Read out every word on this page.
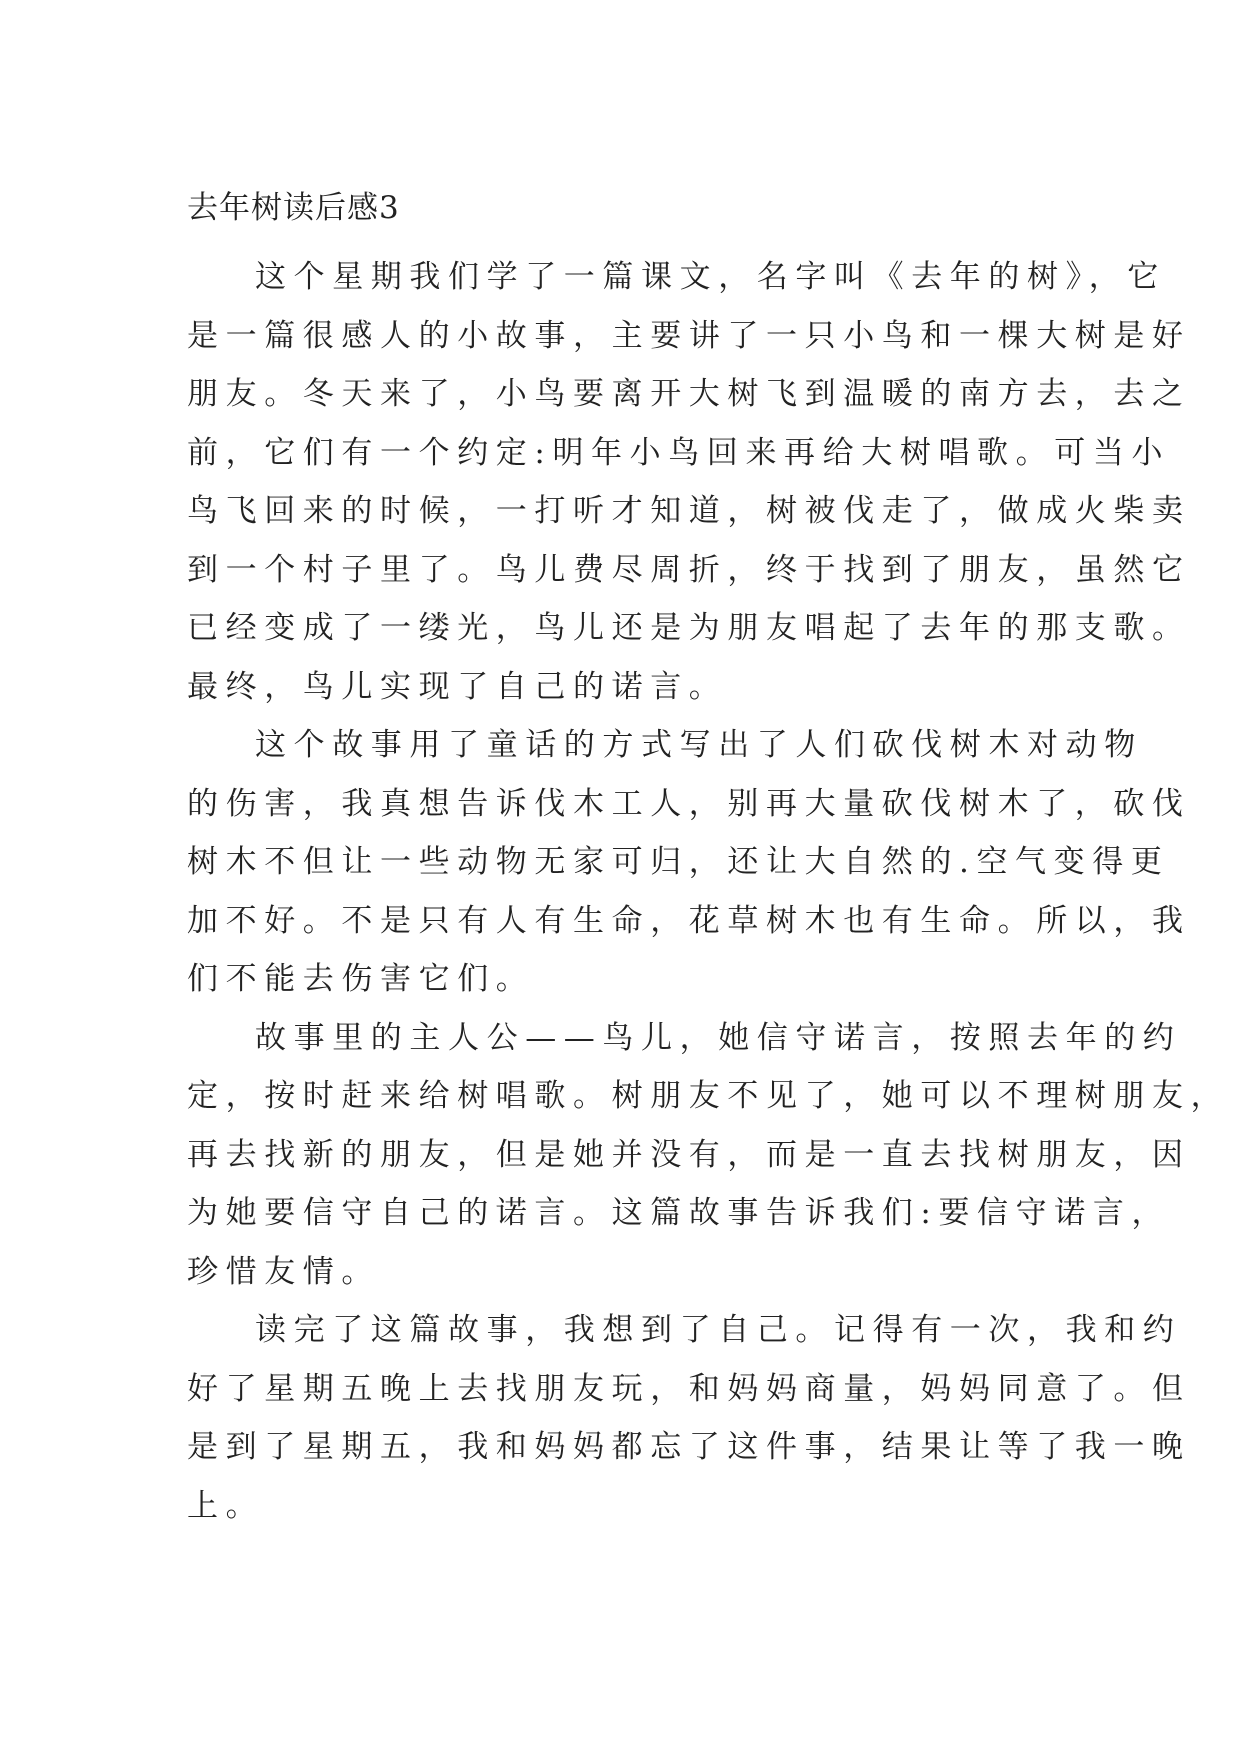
去年树读后感3
这个星期我们学了一篇课文，名字叫《去年的树》，它
是一篇很感人的小故事，主要讲了一只小鸟和一棵大树是好
朋友。冬天来了，小鸟要离开大树飞到温暖的南方去，去之
前，它们有一个约定:明年小鸟回来再给大树唱歌。可当小
鸟飞回来的时候，一打听才知道，树被伐走了，做成火柴卖
到一个村子里了。鸟儿费尽周折，终于找到了朋友，虽然它
已经变成了一缕光，鸟儿还是为朋友唱起了去年的那支歌。
最终，鸟儿实现了自己的诺言。
这个故事用了童话的方式写出了人们砍伐树木对动物
的伤害，我真想告诉伐木工人，别再大量砍伐树木了，砍伐
树木不但让一些动物无家可归，还让大自然的.空气变得更
加不好。不是只有人有生命，花草树木也有生命。所以，我
们不能去伤害它们。
故事里的主人公——鸟儿，她信守诺言，按照去年的约
定，按时赶来给树唱歌。树朋友不见了，她可以不理树朋友，
再去找新的朋友，但是她并没有，而是一直去找树朋友，因
为她要信守自己的诺言。这篇故事告诉我们:要信守诺言，
珍惜友情。
读完了这篇故事，我想到了自己。记得有一次，我和约
好了星期五晚上去找朋友玩，和妈妈商量，妈妈同意了。但
是到了星期五，我和妈妈都忘了这件事，结果让等了我一晚
上。
